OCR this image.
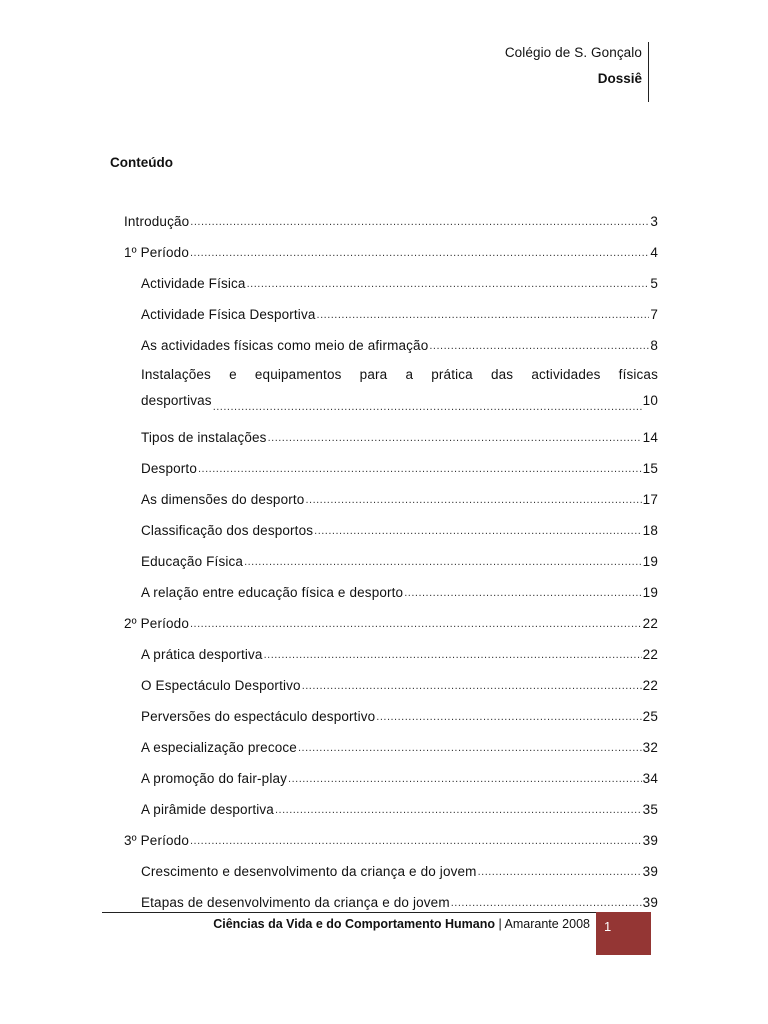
Colégio de S. Gonçalo
Dossiê
Conteúdo
Introdução .....	3
1º Período .....	4
Actividade Física .....	5
Actividade Física Desportiva .....	7
As actividades físicas como meio de afirmação .....	8
Instalações e equipamentos para a prática das actividades físicas
desportivas .....	10
Tipos de instalações .....	14
Desporto .....	15
As dimensões do desporto .....	17
Classificação dos desportos .....	18
Educação Física .....	19
A relação entre educação física e desporto .....	19
2º Período .....	22
A prática desportiva .....	22
O Espectáculo Desportivo .....	22
Perversões do espectáculo desportivo .....	25
A especialização precoce .....	32
A promoção do fair-play .....	34
A pirâmide desportiva .....	35
3º Período .....	39
Crescimento e desenvolvimento da criança e do jovem .....	39
Etapas de desenvolvimento da criança e do jovem .....	39
Ciências da Vida e do Comportamento Humano | Amarante 2008 1
